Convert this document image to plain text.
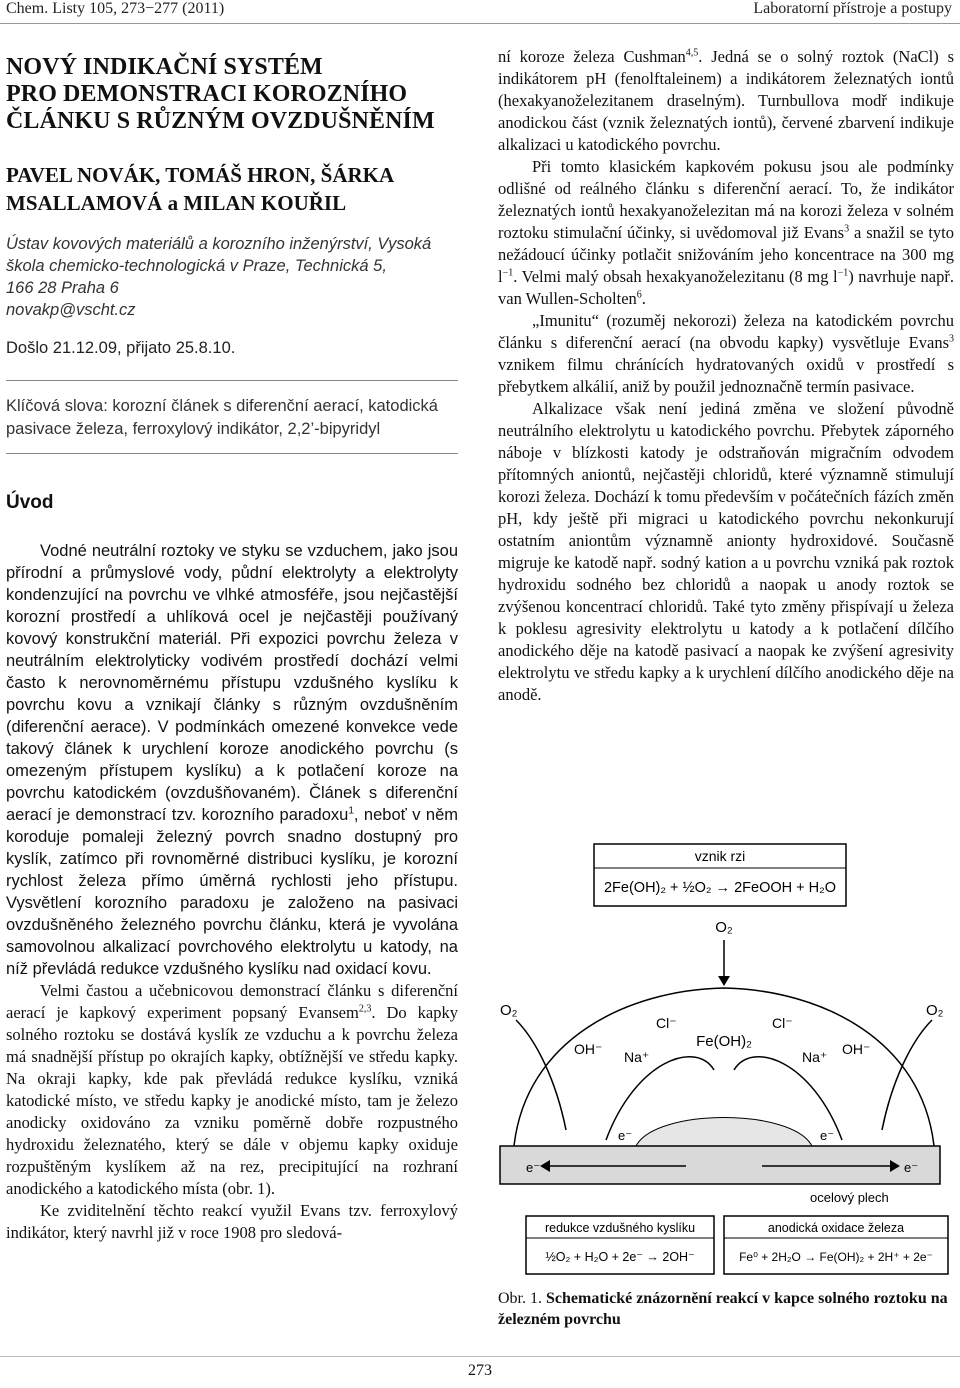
Chem. Listy 105, 273−277 (2011)	Laboratorní přístroje a postupy
NOVÝ INDIKAČNÍ SYSTÉM
PRO DEMONSTRACI KOROZNÍHO
ČLÁNKU S RŮZNÝM OVZDUŠNĚNÍM
PAVEL NOVÁK, TOMÁŠ HRON, ŠÁRKA
MSALLAMOVÁ a MILAN KOUŘIL
Ústav kovových materiálů a korozního inženýrství, Vysoká
škola chemicko-technologická v Praze, Technická 5,
166 28 Praha 6
novakp@vscht.cz
Došlo 21.12.09, přijato 25.8.10.
Klíčová slova: korozní článek s diferenční aerací, katodická pasivace železa, ferroxylový indikátor, 2,2’-bipyridyl
Úvod

Vodné neutrální roztoky ve styku se vzduchem, jako jsou přírodní a průmyslové vody, půdní elektrolyty a elektrolyty kondenzující na povrchu ve vlhké atmosféře, jsou nejčastější korozní prostředí a uhlíková ocel je nejčastěji používaný kovový konstrukční materiál. Při expozici povrchu železa v neutrálním elektrolyticky vodivém prostředí dochází velmi často k nerovnoměrnému přístupu vzdušného kyslíku k povrchu kovu a vznikají články s různým ovzdušněním (diferenční aerace). V podmínkách omezené konvekce vede takový článek k urychlení koroze anodického povrchu (s omezeným přístupem kyslíku) a k potlačení koroze na povrchu katodickém (ovzdušňovaném). Článek s diferenční aerací je demonstrací tzv. korozního paradoxu$^1$, neboť v něm koroduje pomaleji železný povrch snadno dostupný pro kyslík, zatímco při rovnoměrné distribuci kyslíku, je korozní rychlost železa přímo úměrná rychlosti jeho přístupu. Vysvětlení korozního paradoxu je založeno na pasivaci ovzdušněného železného povrchu článku, která je vyvolána samovolnou alkalizací povrchového elektrolytu u katody, na níž převládá redukce vzdušného kyslíku nad oxidací kovu.

Velmi častou a učebnicovou demonstrací článku s diferenční aerací je kapkový experiment popsaný Evansem$^{2,3}$. Do kapky solného roztoku se dostává kyslík ze vzduchu a k povrchu železa má snadnější přístup po okrajích kapky, obtížnější ve středu kapky. Na okraji kapky, kde pak převládá redukce kyslíku, vzniká katodické místo, ve středu kapky je anodické místo, tam je železo anodicky oxidováno za vzniku poměrně dobře rozpustného hydroxidu železnatého, který se dále v objemu kapky oxiduje rozpuštěným kyslíkem až na rez, precipitující na rozhraní anodického a katodického místa (obr. 1).

Ke zviditelnění těchto reakcí využil Evans tzv. ferroxylový indikátor, který navrhl již v roce 1908 pro sledová-

ní koroze železa Cushman$^{4,5}$. Jedná se o solný roztok (NaCl) s indikátorem pH (fenolftaleinem) a indikátorem železnatých iontů (hexakyanoželezitanem draselným). Turnbullova modř indikuje anodickou část (vznik železnatých iontů), červené zbarvení indikuje alkalizaci u katodického povrchu.

Při tomto klasickém kapkovém pokusu jsou ale podmínky odlišné od reálného článku s diferenční aerací. To, že indikátor železnatých iontů hexakyanoželezitan má na korozi železa v solném roztoku stimulační účinky, si uvědomoval již Evans$^3$ a snažil se tyto nežádoucí účinky potlačit snižováním jeho koncentrace na 300 mg $l^{-1}$. Velmi malý obsah hexakyanoželezitanu (8 mg $l^{-1}$) navrhuje např. van Wullen-Scholten$^6$.

„Imunitu“ (rozuměj nekorozi) železa na katodickém povrchu článku s diferenční aerací (na obvodu kapky) vysvětluje Evans$^3$ vznikem filmu chránících hydratovaných oxidů v prostředí s přebytkem alkálií, aniž by použil jednoznačně termín pasivace.

Alkalizace však není jediná změna ve složení původně neutrálního elektrolytu u katodického povrchu. Přebytek záporného náboje v blízkosti katody je odstraňován migračním odvodem přítomných aniontů, nejčastěji chloridů, které významně stimulují korozi železa. Dochází k tomu především v počátečních fázích změn pH, kdy ještě při migraci u katodického povrchu nekonkurují ostatním aniontům významně anionty hydroxidové. Současně migruje ke katodě např. sodný kation a u povrchu vzniká pak roztok hydroxidu sodného bez chloridů a naopak u anody roztok se zvýšenou koncentrací chloridů. Také tyto změny přispívají u železa k poklesu agresivity elektrolytu u katody a k potlačení dílčího anodického děje na katodě pasivací a naopak ke zvýšení agresivity elektrolytu ve středu kapky a k urychlení dílčího anodického děje na anodě.

vznik rzi
2Fe(OH)₂ + ½O₂ → 2FeOOH + H₂O
O₂
O₂	O₂
Cl⁻	Cl⁻
OH⁻	OH⁻
Na⁺	Na⁺
Fe(OH)₂
e⁻	e⁻
e⁻	e⁻
ocelový plech
redukce vzdušného kyslíku
½O₂ + H₂O + 2e⁻ → 2OH⁻
anodická oxidace železa
Fe⁰ + 2H₂O → Fe(OH)₂ + 2H⁺ + 2e⁻
Obr. 1. Schematické znázornění reakcí v kapce solného roztoku na železném povrchu
273
